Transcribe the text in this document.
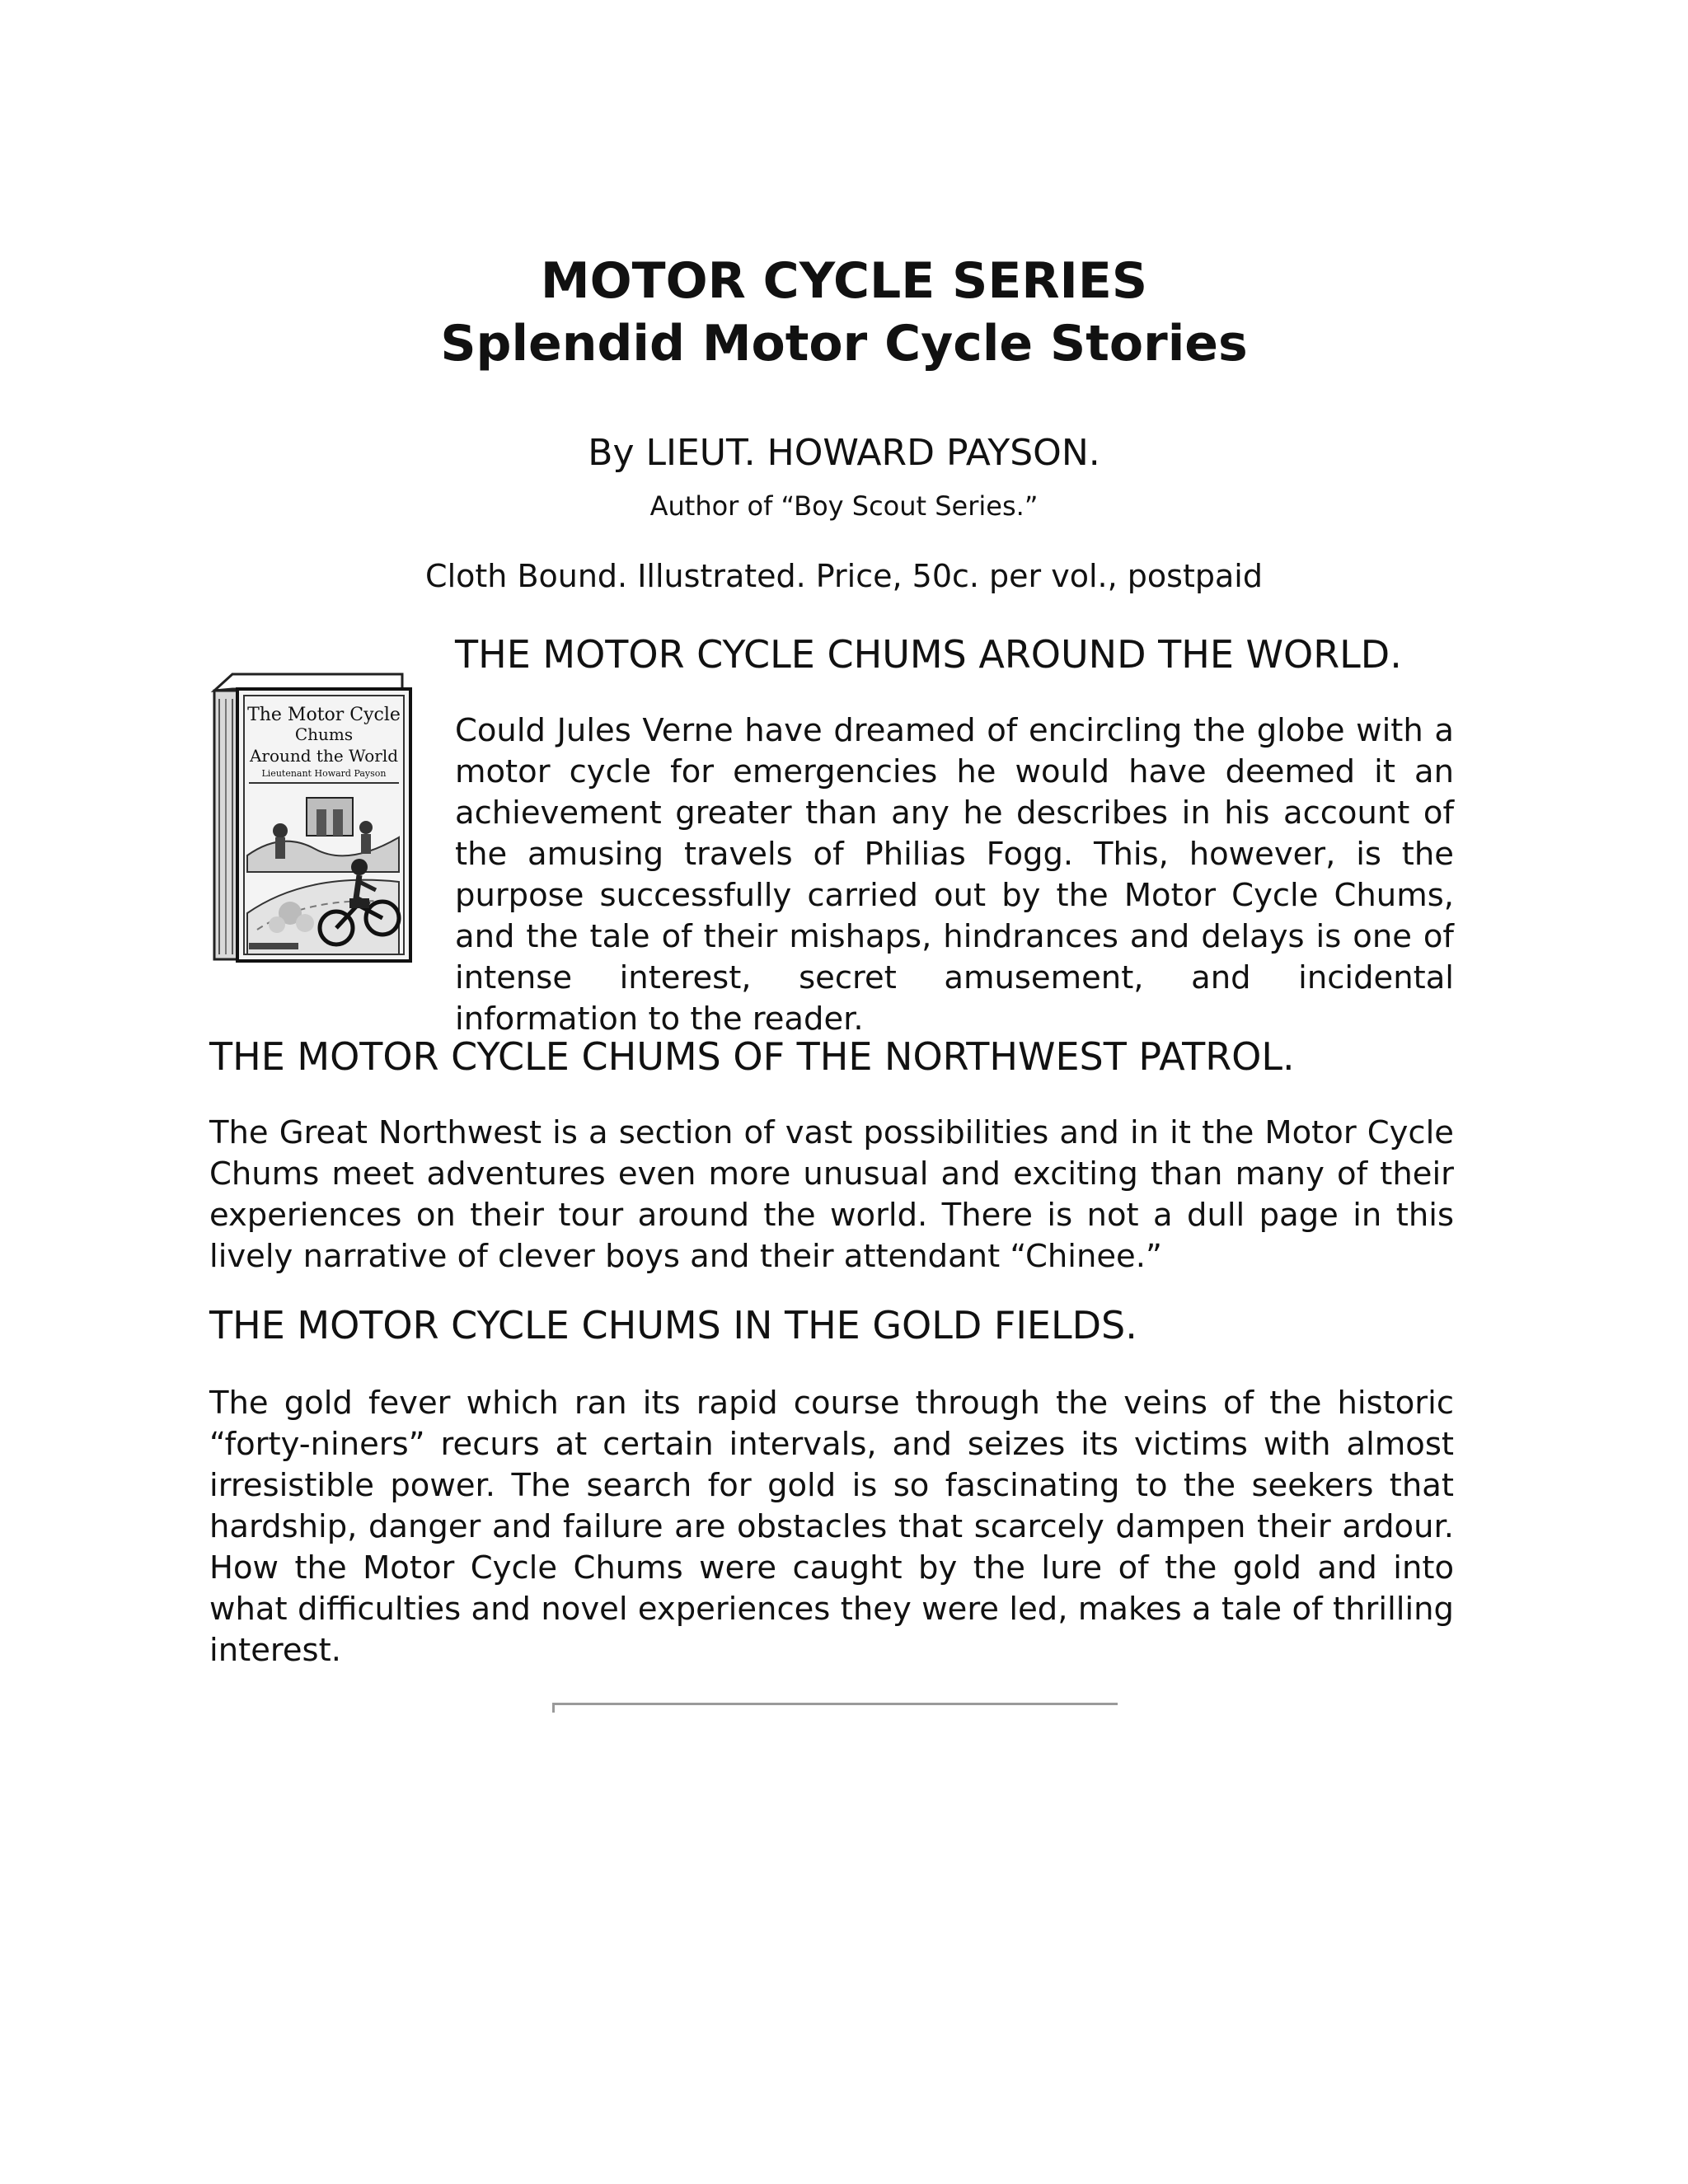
MOTOR CYCLE SERIES
Splendid Motor Cycle Stories
By LIEUT. HOWARD PAYSON.
Author of “Boy Scout Series.”
Cloth Bound. Illustrated. Price, 50c. per vol., postpaid
The Motor Cycle
Chums
Around the World
Lieutenant Howard Payson
THE MOTOR CYCLE CHUMS AROUND THE WORLD.

Could Jules Verne have dreamed of encircling the globe with a motor cycle for emergencies he would have deemed it an achievement greater than any he describes in his account of the amusing travels of Philias Fogg. This, however, is the purpose successfully carried out by the Motor Cycle Chums, and the tale of their mishaps, hindrances and delays is one of intense interest, secret amusement, and incidental information to the reader.

THE MOTOR CYCLE CHUMS OF THE NORTHWEST PATROL.

The Great Northwest is a section of vast possibilities and in it the Motor Cycle Chums meet adventures even more unusual and exciting than many of their experiences on their tour around the world. There is not a dull page in this lively narrative of clever boys and their attendant “Chinee.”

THE MOTOR CYCLE CHUMS IN THE GOLD FIELDS.

The gold fever which ran its rapid course through the veins of the historic “forty-niners” recurs at certain intervals, and seizes its victims with almost irresistible power. The search for gold is so fascinating to the seekers that hardship, danger and failure are obstacles that scarcely dampen their ardour. How the Motor Cycle Chums were caught by the lure of the gold and into what difficulties and novel experiences they were led, makes a tale of thrilling interest.
